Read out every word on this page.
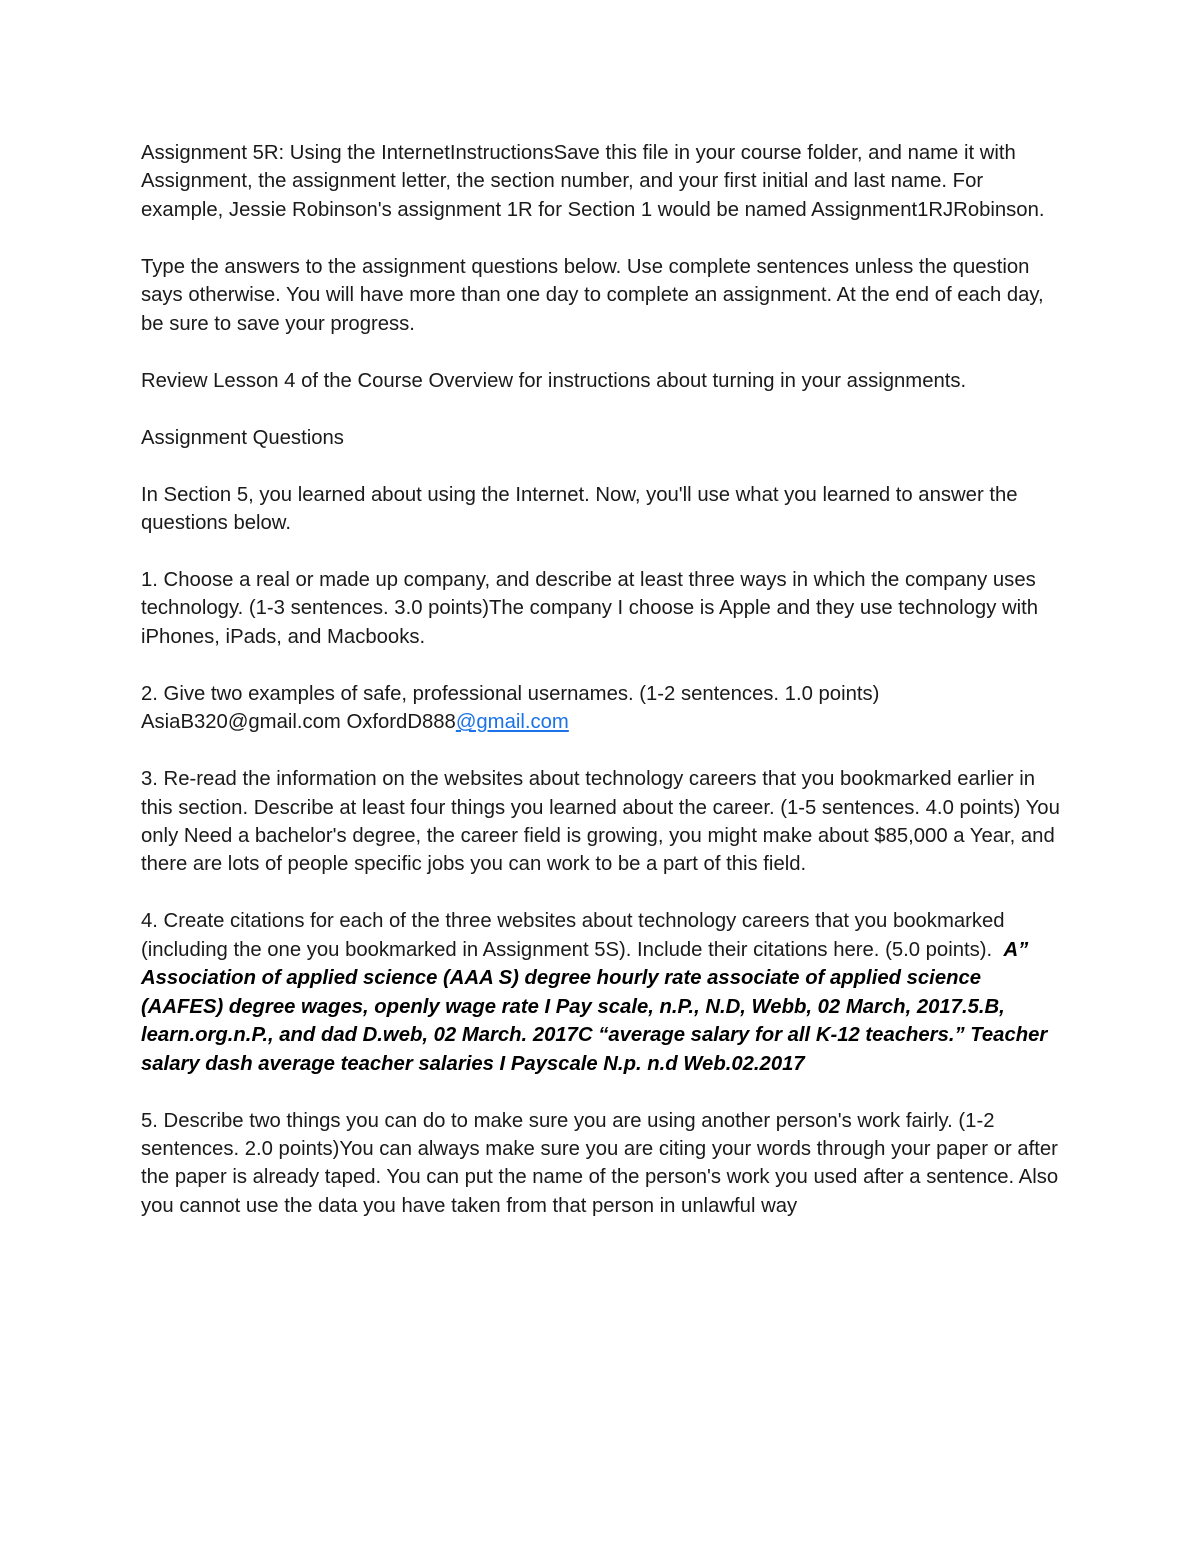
Assignment 5R: Using the InternetInstructionsSave this file in your course folder, and name it with Assignment, the assignment letter, the section number, and your first initial and last name. For example, Jessie Robinson's assignment 1R for Section 1 would be named Assignment1RJRobinson.

Type the answers to the assignment questions below. Use complete sentences unless the question says otherwise. You will have more than one day to complete an assignment. At the end of each day, be sure to save your progress.

Review Lesson 4 of the Course Overview for instructions about turning in your assignments.

Assignment Questions

In Section 5, you learned about using the Internet. Now, you'll use what you learned to answer the questions below.

1. Choose a real or made up company, and describe at least three ways in which the company uses technology. (1-3 sentences. 3.0 points)The company I choose is Apple and they use technology with iPhones, iPads, and Macbooks.

2. Give two examples of safe, professional usernames. (1-2 sentences. 1.0 points) AsiaB320@gmail.com OxfordD888@gmail.com

3. Re-read the information on the websites about technology careers that you bookmarked earlier in this section. Describe at least four things you learned about the career. (1-5 sentences. 4.0 points) You only Need a bachelor's degree, the career field is growing, you might make about $85,000 a Year, and there are lots of people specific jobs you can work to be a part of this field.

4. Create citations for each of the three websites about technology careers that you bookmarked (including the one you bookmarked in Assignment 5S). Include their citations here. (5.0 points). A” Association of applied science (AAA S) degree hourly rate associate of applied science (AAFES) degree wages, openly wage rate I Pay scale, n.P., N.D, Webb, 02 March, 2017.5.B, learn.org.n.P., and dad D.web, 02 March. 2017C “average salary for all K-12 teachers.” Teacher salary dash average teacher salaries I Payscale N.p. n.d Web.02.2017

5. Describe two things you can do to make sure you are using another person's work fairly. (1-2 sentences. 2.0 points)You can always make sure you are citing your words through your paper or after the paper is already taped. You can put the name of the person's work you used after a sentence. Also you cannot use the data you have taken from that person in unlawful way
